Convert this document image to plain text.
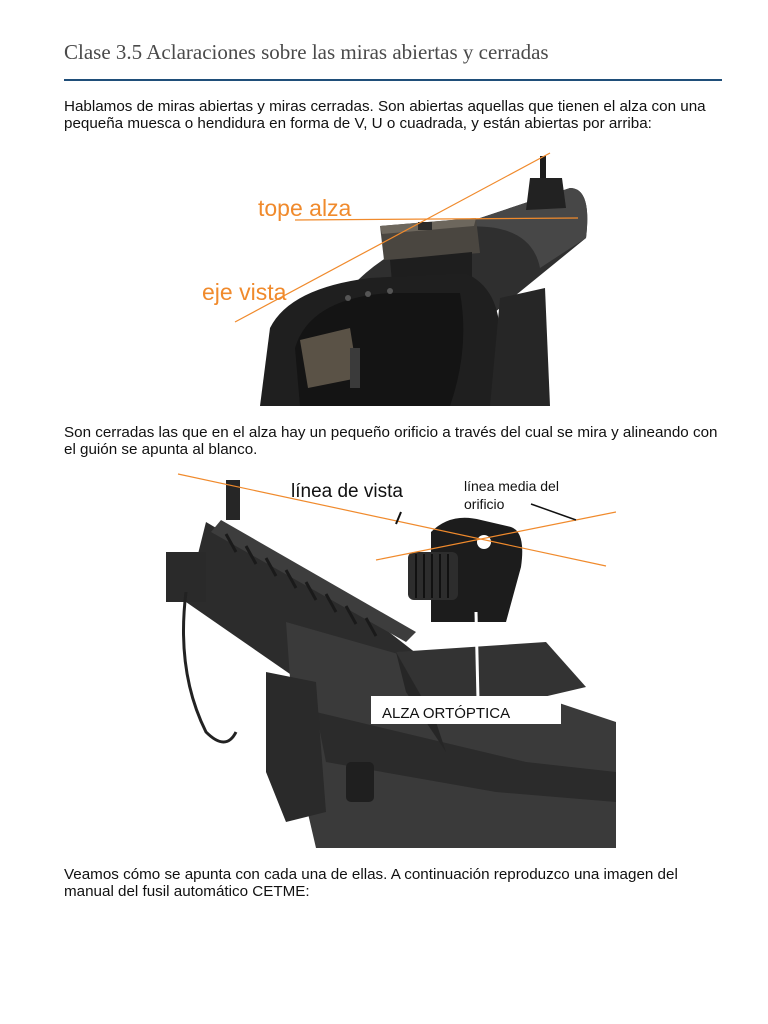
Clase 3.5 Aclaraciones sobre las miras abiertas y cerradas

Hablamos de miras abiertas y miras cerradas. Son abiertas aquellas que tienen el alza con una pequeña muesca o hendidura en forma de V, U o cuadrada, y están abiertas por arriba:

tope alza
eje vista

Son cerradas las que en el alza hay un pequeño orificio a través del cual se mira y alineando con el guión se apunta al blanco.

línea de vista	línea media del
orificio
ALZA ORTÓPTICA

Veamos cómo se apunta con cada una de ellas. A continuación reproduzco una imagen del manual del fusil automático CETME:
